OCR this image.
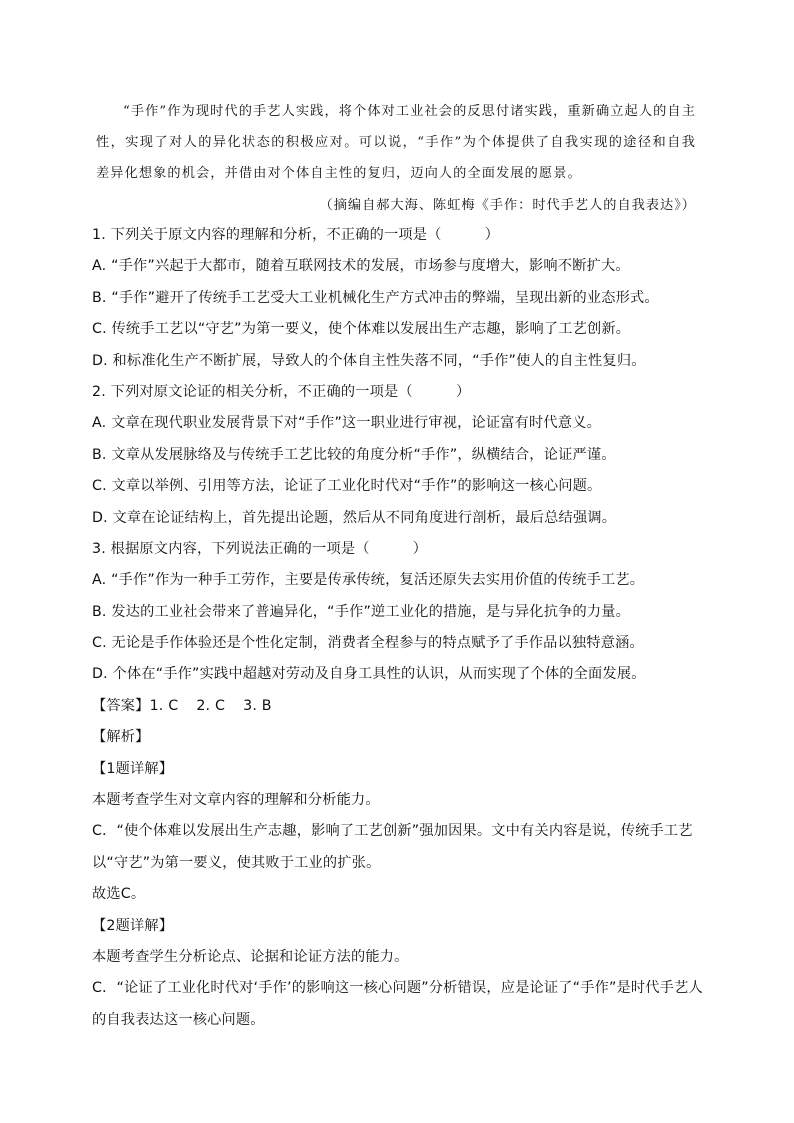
“手作”作为现时代的手艺人实践，将个体对工业社会的反思付诸实践，重新确立起人的自主性，实现了对人的异化状态的积极应对。可以说，“手作”为个体提供了自我实现的途径和自我差异化想象的机会，并借由对个体自主性的复归，迈向人的全面发展的愿景。

（摘编自郝大海、陈虹梅《手作：时代手艺人的自我表达》）
1. 下列关于原文内容的理解和分析，不正确的一项是（　　　）
A. “手作”兴起于大都市，随着互联网技术的发展，市场参与度增大，影响不断扩大。
B. “手作”避开了传统手工艺受大工业机械化生产方式冲击的弊端，呈现出新的业态形式。
C. 传统手工艺以“守艺”为第一要义，使个体难以发展出生产志趣，影响了工艺创新。
D. 和标准化生产不断扩展，导致人的个体自主性失落不同，“手作”使人的自主性复归。
2. 下列对原文论证的相关分析，不正确的一项是（　　　）
A. 文章在现代职业发展背景下对“手作”这一职业进行审视，论证富有时代意义。
B. 文章从发展脉络及与传统手工艺比较的角度分析“手作”，纵横结合，论证严谨。
C. 文章以举例、引用等方法，论证了工业化时代对“手作”的影响这一核心问题。
D. 文章在论证结构上，首先提出论题，然后从不同角度进行剖析，最后总结强调。
3. 根据原文内容，下列说法正确的一项是（　　　）
A. “手作”作为一种手工劳作，主要是传承传统，复活还原失去实用价值的传统手工艺。
B. 发达的工业社会带来了普遍异化，“手作”逆工业化的措施，是与异化抗争的力量。
C. 无论是手作体验还是个性化定制，消费者全程参与的特点赋予了手作品以独特意涵。
D. 个体在“手作”实践中超越对劳动及自身工具性的认识，从而实现了个体的全面发展。
【答案】1. C 2. C 3. B
【解析】
【1题详解】
本题考查学生对文章内容的理解和分析能力。
C．“使个体难以发展出生产志趣，影响了工艺创新”强加因果。文中有关内容是说，传统手工艺以“守艺”为第一要义，使其败于工业的扩张。
故选C。
【2题详解】
本题考查学生分析论点、论据和论证方法的能力。
C．“论证了工业化时代对‘手作’的影响这一核心问题”分析错误，应是论证了“手作”是时代手艺人的自我表达这一核心问题。
